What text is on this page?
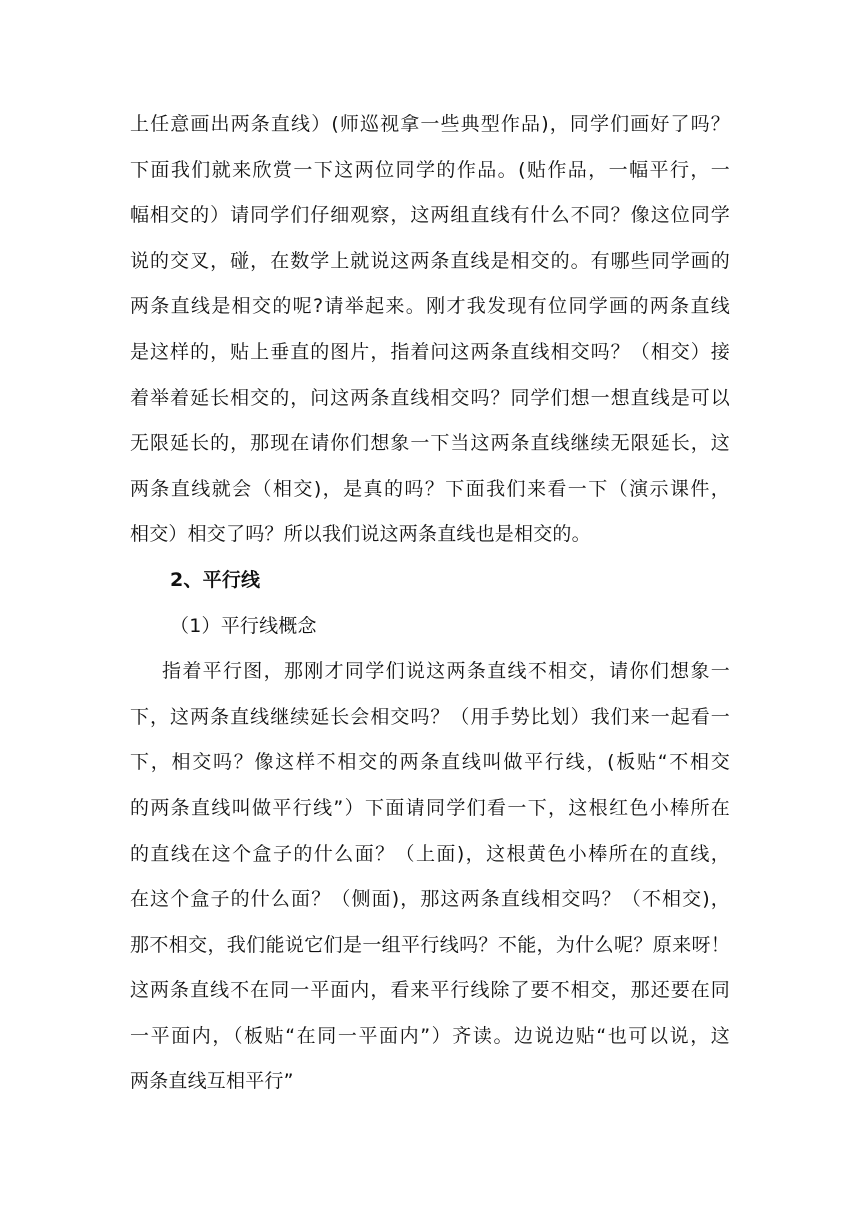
上任意画出两条直线）(师巡视拿一些典型作品)，同学们画好了吗？
下面我们就来欣赏一下这两位同学的作品。(贴作品，一幅平行，一
幅相交的）请同学们仔细观察，这两组直线有什么不同？像这位同学
说的交叉，碰，在数学上就说这两条直线是相交的。有哪些同学画的
两条直线是相交的呢?请举起来。刚才我发现有位同学画的两条直线
是这样的，贴上垂直的图片，指着问这两条直线相交吗？（相交）接
着举着延长相交的，问这两条直线相交吗？同学们想一想直线是可以
无限延长的，那现在请你们想象一下当这两条直线继续无限延长，这
两条直线就会（相交)，是真的吗？下面我们来看一下（演示课件，
相交）相交了吗？所以我们说这两条直线也是相交的。
2、平行线
（1）平行线概念
指着平行图，那刚才同学们说这两条直线不相交，请你们想象一
下，这两条直线继续延长会相交吗？（用手势比划）我们来一起看一
下，相交吗？像这样不相交的两条直线叫做平行线，(板贴“不相交
的两条直线叫做平行线”）下面请同学们看一下，这根红色小棒所在
的直线在这个盒子的什么面？（上面)，这根黄色小棒所在的直线，
在这个盒子的什么面？（侧面)，那这两条直线相交吗？（不相交)，
那不相交，我们能说它们是一组平行线吗？不能，为什么呢？原来呀！
这两条直线不在同一平面内，看来平行线除了要不相交，那还要在同
一平面内，（板贴“在同一平面内”）齐读。边说边贴“也可以说，这
两条直线互相平行”
